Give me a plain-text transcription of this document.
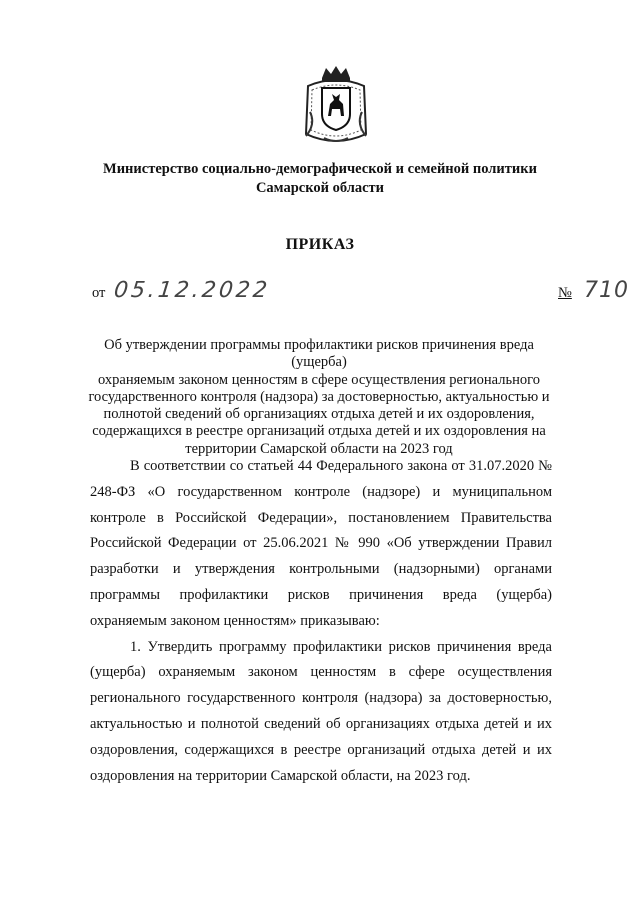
Министерство социально-демографической и семейной политики
Самарской области
ПРИКАЗ
от 05.12.2022	№ 710
Об утверждении программы профилактики рисков причинения вреда (ущерба)
охраняемым законом ценностям в сфере осуществления регионального
государственного контроля (надзора) за достоверностью, актуальностью и
полнотой сведений об организациях отдыха детей и их оздоровления,
содержащихся в реестре организаций отдыха детей и их оздоровления на
территории Самарской области на 2023 год

В соответствии со статьей 44 Федерального закона от 31.07.2020 № 248-ФЗ «О государственном контроле (надзоре) и муниципальном контроле в Российской Федерации», постановлением Правительства Российской Федерации от 25.06.2021 № 990 «Об утверждении Правил разработки и утверждения контрольными (надзорными) органами программы профилактики рисков причинения вреда (ущерба) охраняемым законом ценностям» приказываю:

1. Утвердить программу профилактики рисков причинения вреда (ущерба) охраняемым законом ценностям в сфере осуществления регионального государственного контроля (надзора) за достоверностью, актуальностью и полнотой сведений об организациях отдыха детей и их оздоровления, содержащихся в реестре организаций отдыха детей и их оздоровления на территории Самарской области, на 2023 год.
